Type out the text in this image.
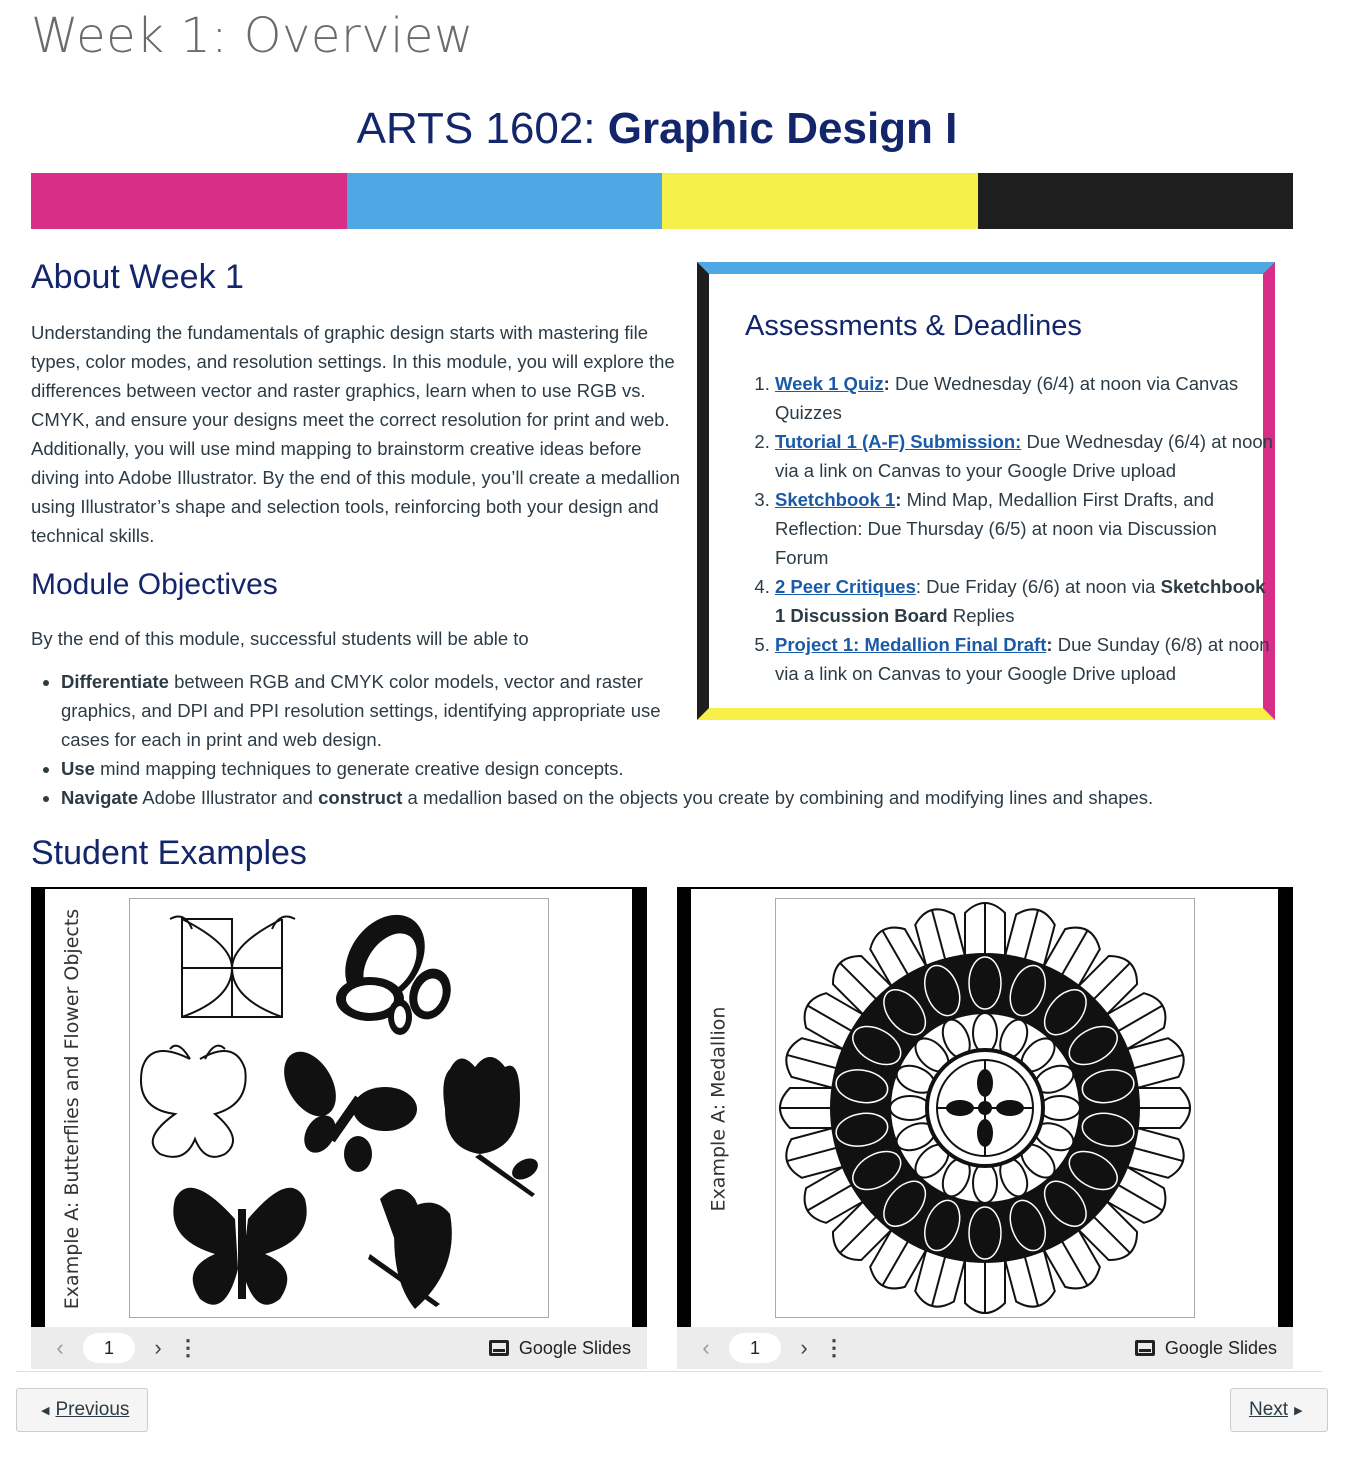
Week 1: Overview
ARTS 1602: Graphic Design I
About Week 1

Understanding the fundamentals of graphic design starts with mastering file types, color modes, and resolution settings. In this module, you will explore the differences between vector and raster graphics, learn when to use RGB vs. CMYK, and ensure your designs meet the correct resolution for print and web. Additionally, you will use mind mapping to brainstorm creative ideas before diving into Adobe Illustrator. By the end of this module, you’ll create a medallion using Illustrator’s shape and selection tools, reinforcing both your design and technical skills.

Module Objectives

By the end of this module, successful students will be able to

• Differentiate between RGB and CMYK color models, vector and raster graphics, and DPI and PPI resolution settings, identifying appropriate use cases for each in print and web design.
• Use mind mapping techniques to generate creative design concepts.
• Navigate Adobe Illustrator and construct a medallion based on the objects you create by combining and modifying lines and shapes.
Assessments & Deadlines
1. Week 1 Quiz: Due Wednesday (6/4) at noon via Canvas Quizzes
2. Tutorial 1 (A-F) Submission: Due Wednesday (6/4) at noon via a link on Canvas to your Google Drive upload
3. Sketchbook 1: Mind Map, Medallion First Drafts, and Reflection: Due Thursday (6/5) at noon via Discussion Forum
4. 2 Peer Critiques: Due Friday (6/6) at noon via Sketchbook 1 Discussion Board Replies
5. Project 1: Medallion Final Draft: Due Sunday (6/8) at noon via a link on Canvas to your Google Drive upload
Student Examples
Example A: Butterflies and Flower Objects
‹	1	› ⋮	Google Slides
Example A: Medallion
‹	1	› ⋮	Google Slides
◀ Previous	Next ▶
